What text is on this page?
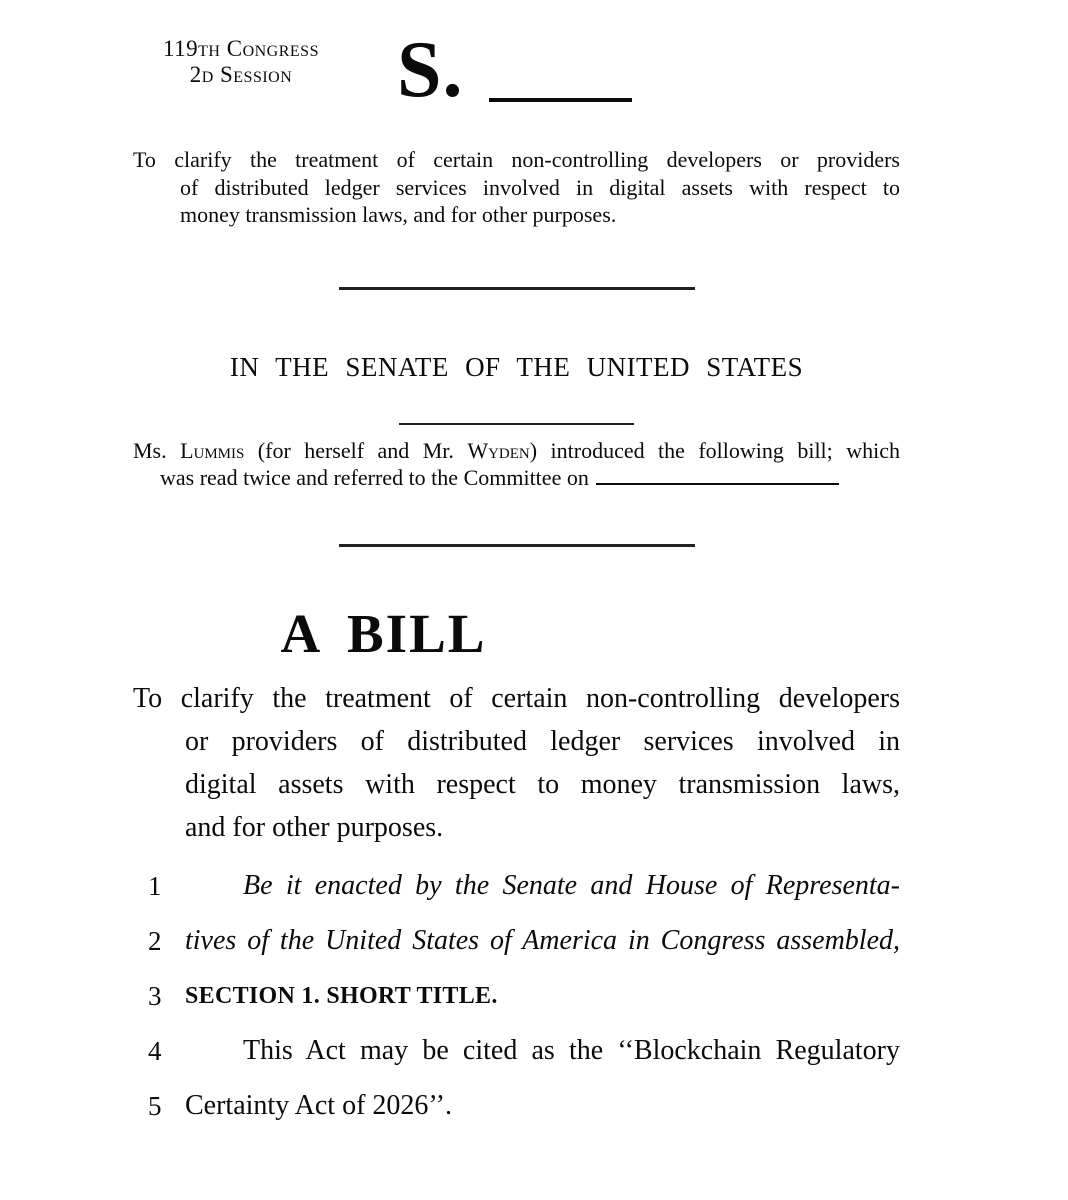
119th Congress
2d Session	S.
To clarify the treatment of certain non-controlling developers or providers
of distributed ledger services involved in digital assets with respect to
money transmission laws, and for other purposes.
IN THE SENATE OF THE UNITED STATES
Ms. Lummis (for herself and Mr. Wyden) introduced the following bill; which
was read twice and referred to the Committee on
A BILL
To clarify the treatment of certain non-controlling developers
or providers of distributed ledger services involved in
digital assets with respect to money transmission laws,
and for other purposes.
1	Be it enacted by the Senate and House of Representa-
2 tives of the United States of America in Congress assembled,
3 SECTION 1. SHORT TITLE.
4	This Act may be cited as the ‘‘Blockchain Regulatory
5 Certainty Act of 2026’’.
